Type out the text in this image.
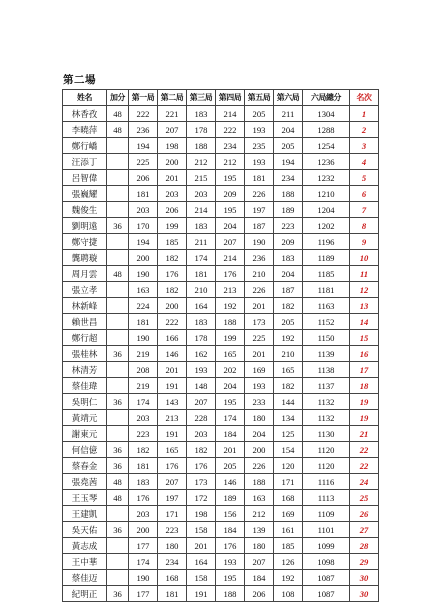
第二場
姓名	加分	第一局	第二局	第三局	第四局	第五局	第六局	六局總分	名次
林香孜	48	222	221	183	214	205	211	1304	1
李曉萍	48	236	207	178	222	193	204	1288	2
鄭行嶠		194	198	188	234	235	205	1254	3
汪添丁		225	200	212	212	193	194	1236	4
呂智偉		206	201	215	195	181	234	1232	5
張巍耀		181	203	203	209	226	188	1210	6
魏俊生		203	206	214	195	197	189	1204	7
劉明遠	36	170	199	183	204	187	223	1202	8
鄭守捷		194	185	211	207	190	209	1196	9
龔聘璇		200	182	174	214	236	183	1189	10
周月雲	48	190	176	181	176	210	204	1185	11
張立孝		163	182	210	213	226	187	1181	12
林新峰		224	200	164	192	201	182	1163	13
賴世昌		181	222	183	188	173	205	1152	14
鄭行超		190	166	178	199	225	192	1150	15
張桂林	36	219	146	162	165	201	210	1139	16
林清芳		208	201	193	202	169	165	1138	17
蔡佳瑋		219	191	148	204	193	182	1137	18
吳明仁	36	174	143	207	195	233	144	1132	19
黃靖元		203	213	228	174	180	134	1132	19
謝東元		223	191	203	184	204	125	1130	21
何信億	36	182	165	182	201	200	154	1120	22
蔡春金	36	181	176	176	205	226	120	1120	22
張堯茜	48	183	207	173	146	188	171	1116	24
王玉琴	48	176	197	172	189	163	168	1113	25
王建凱		203	171	198	156	212	169	1109	26
吳天佑	36	200	223	158	184	139	161	1101	27
黃志成		177	180	201	176	180	185	1099	28
王中華		174	234	164	193	207	126	1098	29
蔡佳迈		190	168	158	195	184	192	1087	30
紀明正	36	177	181	191	188	206	108	1087	30
